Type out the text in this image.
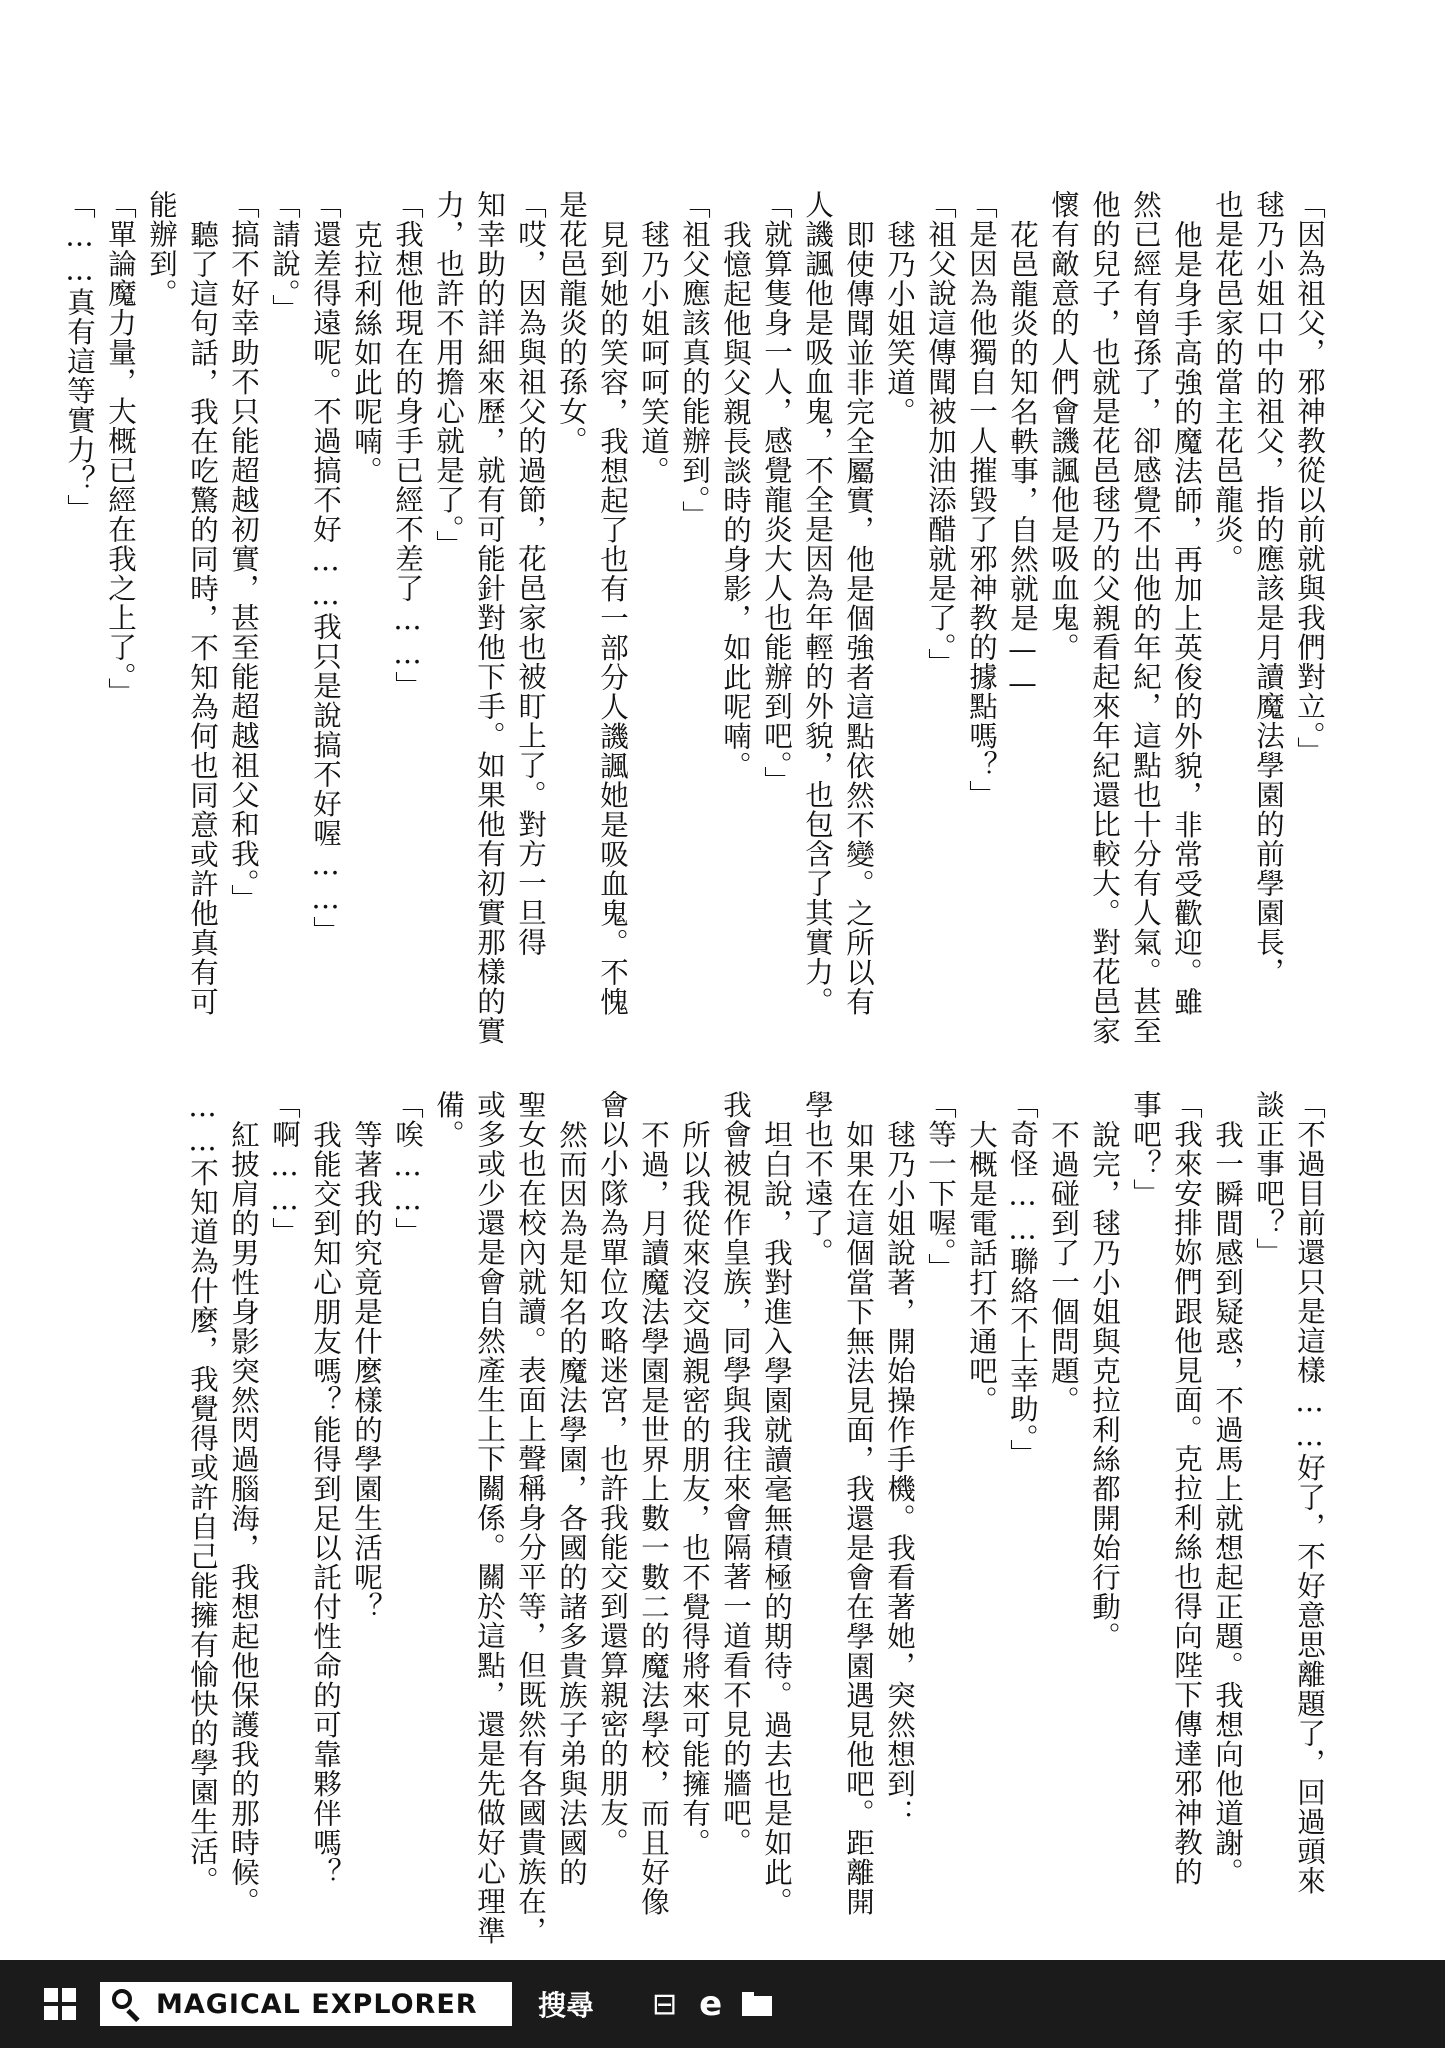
「因為祖父，邪神教從以前就與我們對立。」
毬乃小姐口中的祖父，指的應該是月讀魔法學園的前學園長，
也是花邑家的當主花邑龍炎。
他是身手高強的魔法師，再加上英俊的外貌，非常受歡迎。雖
然已經有曾孫了，卻感覺不出他的年紀，這點也十分有人氣。甚至
他的兒子，也就是花邑毬乃的父親看起來年紀還比較大。對花邑家
懷有敵意的人們會譏諷他是吸血鬼。
花邑龍炎的知名軼事，自然就是——
「是因為他獨自一人摧毀了邪神教的據點嗎？」
「祖父說這傳聞被加油添醋就是了。」
毬乃小姐笑道。
即使傳聞並非完全屬實，他是個強者這點依然不變。之所以有
人譏諷他是吸血鬼，不全是因為年輕的外貌，也包含了其實力。
「就算隻身一人，感覺龍炎大人也能辦到吧。」
我憶起他與父親長談時的身影，如此呢喃。
「祖父應該真的能辦到。」
毬乃小姐呵呵笑道。
見到她的笑容，我想起了也有一部分人譏諷她是吸血鬼。不愧
是花邑龍炎的孫女。
「哎，因為與祖父的過節，花邑家也被盯上了。對方一旦得
知幸助的詳細來歷，就有可能針對他下手。如果他有初實那樣的實
力，也許不用擔心就是了。」
「我想他現在的身手已經不差了……」
克拉利絲如此呢喃。
「還差得遠呢。不過搞不好……我只是說搞不好喔……」
「請說。」
「搞不好幸助不只能超越初實，甚至能超越祖父和我。」
聽了這句話，我在吃驚的同時，不知為何也同意或許他真有可
能辦到。
「單論魔力量，大概已經在我之上了。」
「……真有這等實力？」
「不過目前還只是這樣……好了，不好意思離題了，回過頭來
談正事吧？」
我一瞬間感到疑惑，不過馬上就想起正題。我想向他道謝。
「我來安排妳們跟他見面。克拉利絲也得向陛下傳達邪神教的
事吧？」
說完，毬乃小姐與克拉利絲都開始行動。
不過碰到了一個問題。
「奇怪……聯絡不上幸助。」
大概是電話打不通吧。
「等一下喔。」
毬乃小姐說著，開始操作手機。我看著她，突然想到：
如果在這個當下無法見面，我還是會在學園遇見他吧。距離開
學也不遠了。
坦白說，我對進入學園就讀毫無積極的期待。過去也是如此。
我會被視作皇族，同學與我往來會隔著一道看不見的牆吧。
所以我從來沒交過親密的朋友，也不覺得將來可能擁有。
不過，月讀魔法學園是世界上數一數二的魔法學校，而且好像
會以小隊為單位攻略迷宮，也許我能交到還算親密的朋友。
然而因為是知名的魔法學園，各國的諸多貴族子弟與法國的
聖女也在校內就讀。表面上聲稱身分平等，但既然有各國貴族在，
或多或少還是會自然產生上下關係。關於這點，還是先做好心理準
備。
「唉……」
等著我的究竟是什麼樣的學園生活呢？
我能交到知心朋友嗎？能得到足以託付性命的可靠夥伴嗎？
「啊……」
紅披肩的男性身影突然閃過腦海，我想起他保護我的那時候。
……不知道為什麼，我覺得或許自己能擁有愉快的學園生活。
MAGICAL EXPLORER 搜尋 ⊟ e
